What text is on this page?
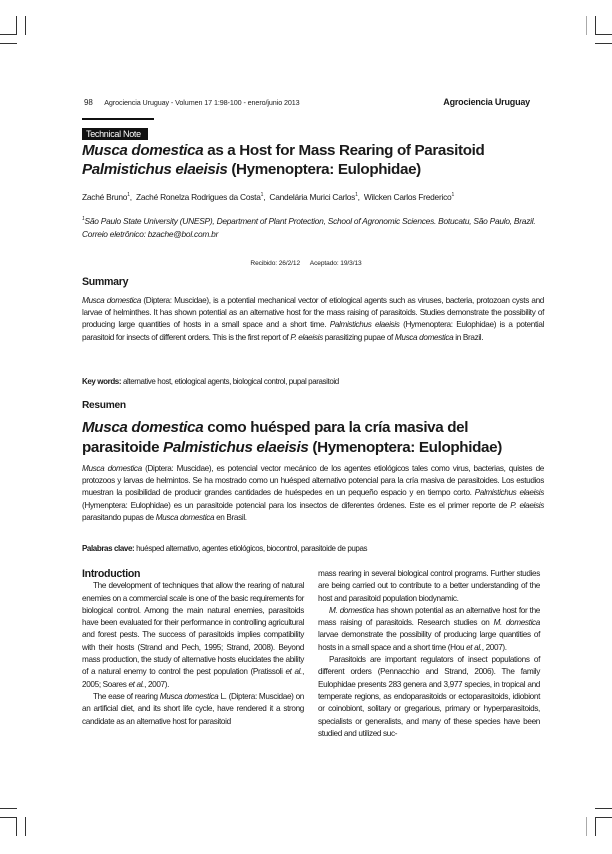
98 Agrociencia Uruguay - Volumen 17 1:98-100 - enero/junio 2013	Agrociencia Uruguay
Technical Note
Musca domestica as a Host for Mass Rearing of Parasitoid Palmistichus elaeisis (Hymenoptera: Eulophidae)
Zaché Bruno$^1$,  Zaché Ronelza Rodrigues da Costa$^1$,  Candelária Murici Carlos$^1$,  Wilcken Carlos Frederico$^1$
$^1$São Paulo State University (UNESP), Department of Plant Protection, School of Agronomic Sciences. Botucatu, São Paulo, Brazil. Correio eletrônico: bzache@bol.com.br
Recibido: 26/2/12 Aceptado: 19/3/13
Summary
Musca domestica (Diptera: Muscidae), is a potential mechanical vector of etiological agents such as viruses, bacteria, protozoan cysts and larvae of helminthes. It has shown potential as an alternative host for the mass raising of parasitoids. Studies demonstrate the possibility of producing large quantities of hosts in a small space and a short time. Palmistichus elaeisis (Hymenoptera: Eulophidae) is a potential parasitoid for insects of different orders. This is the first report of P. elaeisis parasitizing pupae of Musca domestica in Brazil.
Key words: alternative host, etiological agents, biological control, pupal parasitoid
Resumen
Musca domestica como huésped para la cría masiva del parasitoide Palmistichus elaeisis (Hymenoptera: Eulophidae)
Musca domestica (Diptera: Muscidae), es potencial vector mecánico de los agentes etiológicos tales como virus, bacterias, quistes de protozoos y larvas de helmintos. Se ha mostrado como un huésped alternativo potencial para la cría masiva de parasitoides. Los estudios muestran la posibilidad de producir grandes cantidades de huéspedes en un pequeño espacio y en tiempo corto. Palmistichus elaeisis (Hymenptera: Eulophidae) es un parasitoide potencial para los insectos de diferentes órdenes. Este es el primer reporte de P. elaeisis parasitando pupas de Musca domestica en Brasil.
Palabras clave: huésped alternativo, agentes etiológicos, biocontrol, parasitoide de pupas

Introduction

The development of techniques that allow the rearing of natural enemies on a commercial scale is one of the basic requirements for biological control. Among the main natural enemies, parasitoids have been evaluated for their performance in controlling agricultural and forest pests. The success of parasitoids implies compatibility with their hosts (Strand and Pech, 1995; Strand, 2008). Beyond mass production, the study of alternative hosts elucidates the ability of a natural enemy to control the pest population (Pratissoli et al., 2005; Soares et al., 2007).

The ease of rearing Musca domestica L. (Diptera: Muscidae) on an artificial diet, and its short life cycle, have rendered it a strong candidate as an alternative host for parasitoid

mass rearing in several biological control programs. Further studies are being carried out to contribute to a better understanding of the host and parasitoid population biodynamic.

M. domestica has shown potential as an alternative host for the mass raising of parasitoids. Research studies on M. domestica larvae demonstrate the possibility of producing large quantities of hosts in a small space and a short time (Hou et al., 2007).

Parasitoids are important regulators of insect populations of different orders (Pennacchio and Strand, 2006). The family Eulophidae presents 283 genera and 3,977 species, in tropical and temperate regions, as endoparasitoids or ectoparasitoids, idiobiont or coinobiont, solitary or gregarious, primary or hyperparasitoids, specialists or generalists, and many of these species have been studied and utilized suc-
